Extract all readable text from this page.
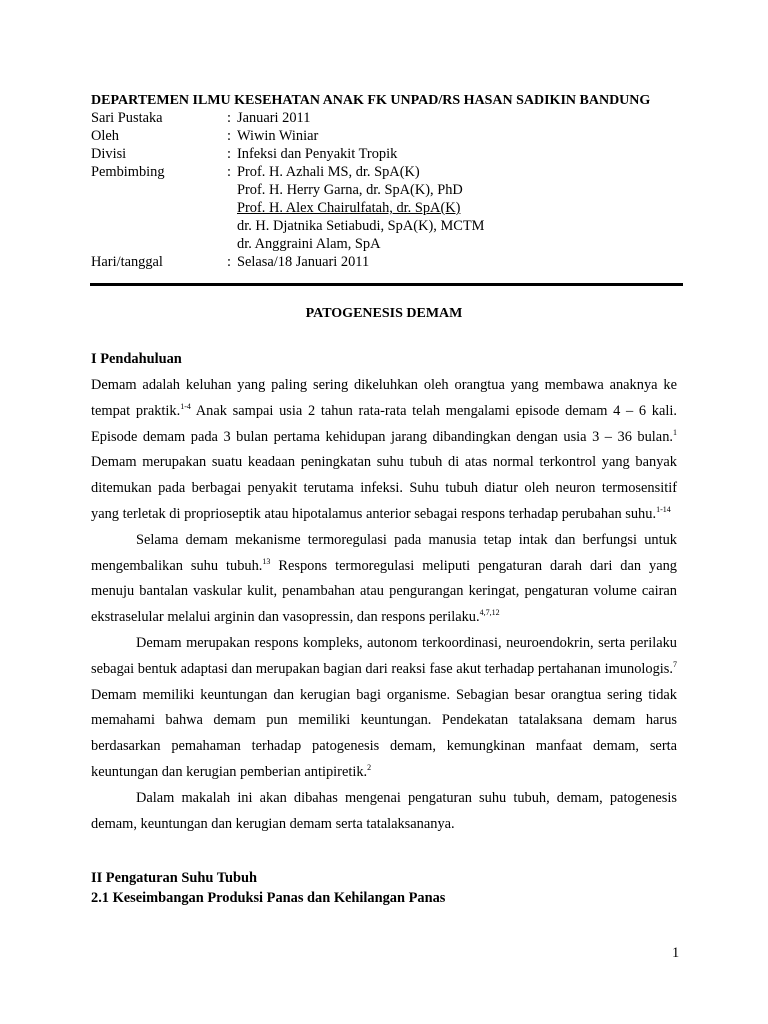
DEPARTEMEN ILMU KESEHATAN ANAK FK UNPAD/RS HASAN SADIKIN BANDUNG
Sari Pustaka	: Januari 2011
Oleh	: Wiwin Winiar
Divisi	: Infeksi dan Penyakit Tropik
Pembimbing	: Prof. H. Azhali MS, dr. SpA(K)
Prof. H. Herry Garna, dr. SpA(K), PhD
Prof. H. Alex Chairulfatah, dr. SpA(K)
dr. H. Djatnika Setiabudi, SpA(K), MCTM
dr. Anggraini Alam, SpA
Hari/tanggal	: Selasa/18 Januari 2011
PATOGENESIS DEMAM
I Pendahuluan

Demam adalah keluhan yang paling sering dikeluhkan oleh orangtua yang membawa anaknya ke tempat praktik.$^{1-4}$ Anak sampai usia 2 tahun rata-rata telah mengalami episode demam 4 – 6 kali. Episode demam pada 3 bulan pertama kehidupan jarang dibandingkan dengan usia 3 – 36 bulan.$^1$ Demam merupakan suatu keadaan peningkatan suhu tubuh di atas normal terkontrol yang banyak ditemukan pada berbagai penyakit terutama infeksi. Suhu tubuh diatur oleh neuron termosensitif yang terletak di proprioseptik atau hipotalamus anterior sebagai respons terhadap perubahan suhu.$^{1-14}$

Selama demam mekanisme termoregulasi pada manusia tetap intak dan berfungsi untuk mengembalikan suhu tubuh.$^{13}$ Respons termoregulasi meliputi pengaturan darah dari dan yang menuju bantalan vaskular kulit, penambahan atau pengurangan keringat, pengaturan volume cairan ekstraselular melalui arginin dan vasopressin, dan respons perilaku.$^{4,7,12}$

Demam merupakan respons kompleks, autonom terkoordinasi, neuroendokrin, serta perilaku sebagai bentuk adaptasi dan merupakan bagian dari reaksi fase akut terhadap pertahanan imunologis.$^7$ Demam memiliki keuntungan dan kerugian bagi organisme. Sebagian besar orangtua sering tidak memahami bahwa demam pun memiliki keuntungan. Pendekatan tatalaksana demam harus berdasarkan pemahaman terhadap patogenesis demam, kemungkinan manfaat demam, serta keuntungan dan kerugian pemberian antipiretik.$^2$

Dalam makalah ini akan dibahas mengenai pengaturan suhu tubuh, demam, patogenesis demam, keuntungan dan kerugian demam serta tatalaksananya.

II Pengaturan Suhu Tubuh
2.1 Keseimbangan Produksi Panas dan Kehilangan Panas
1
